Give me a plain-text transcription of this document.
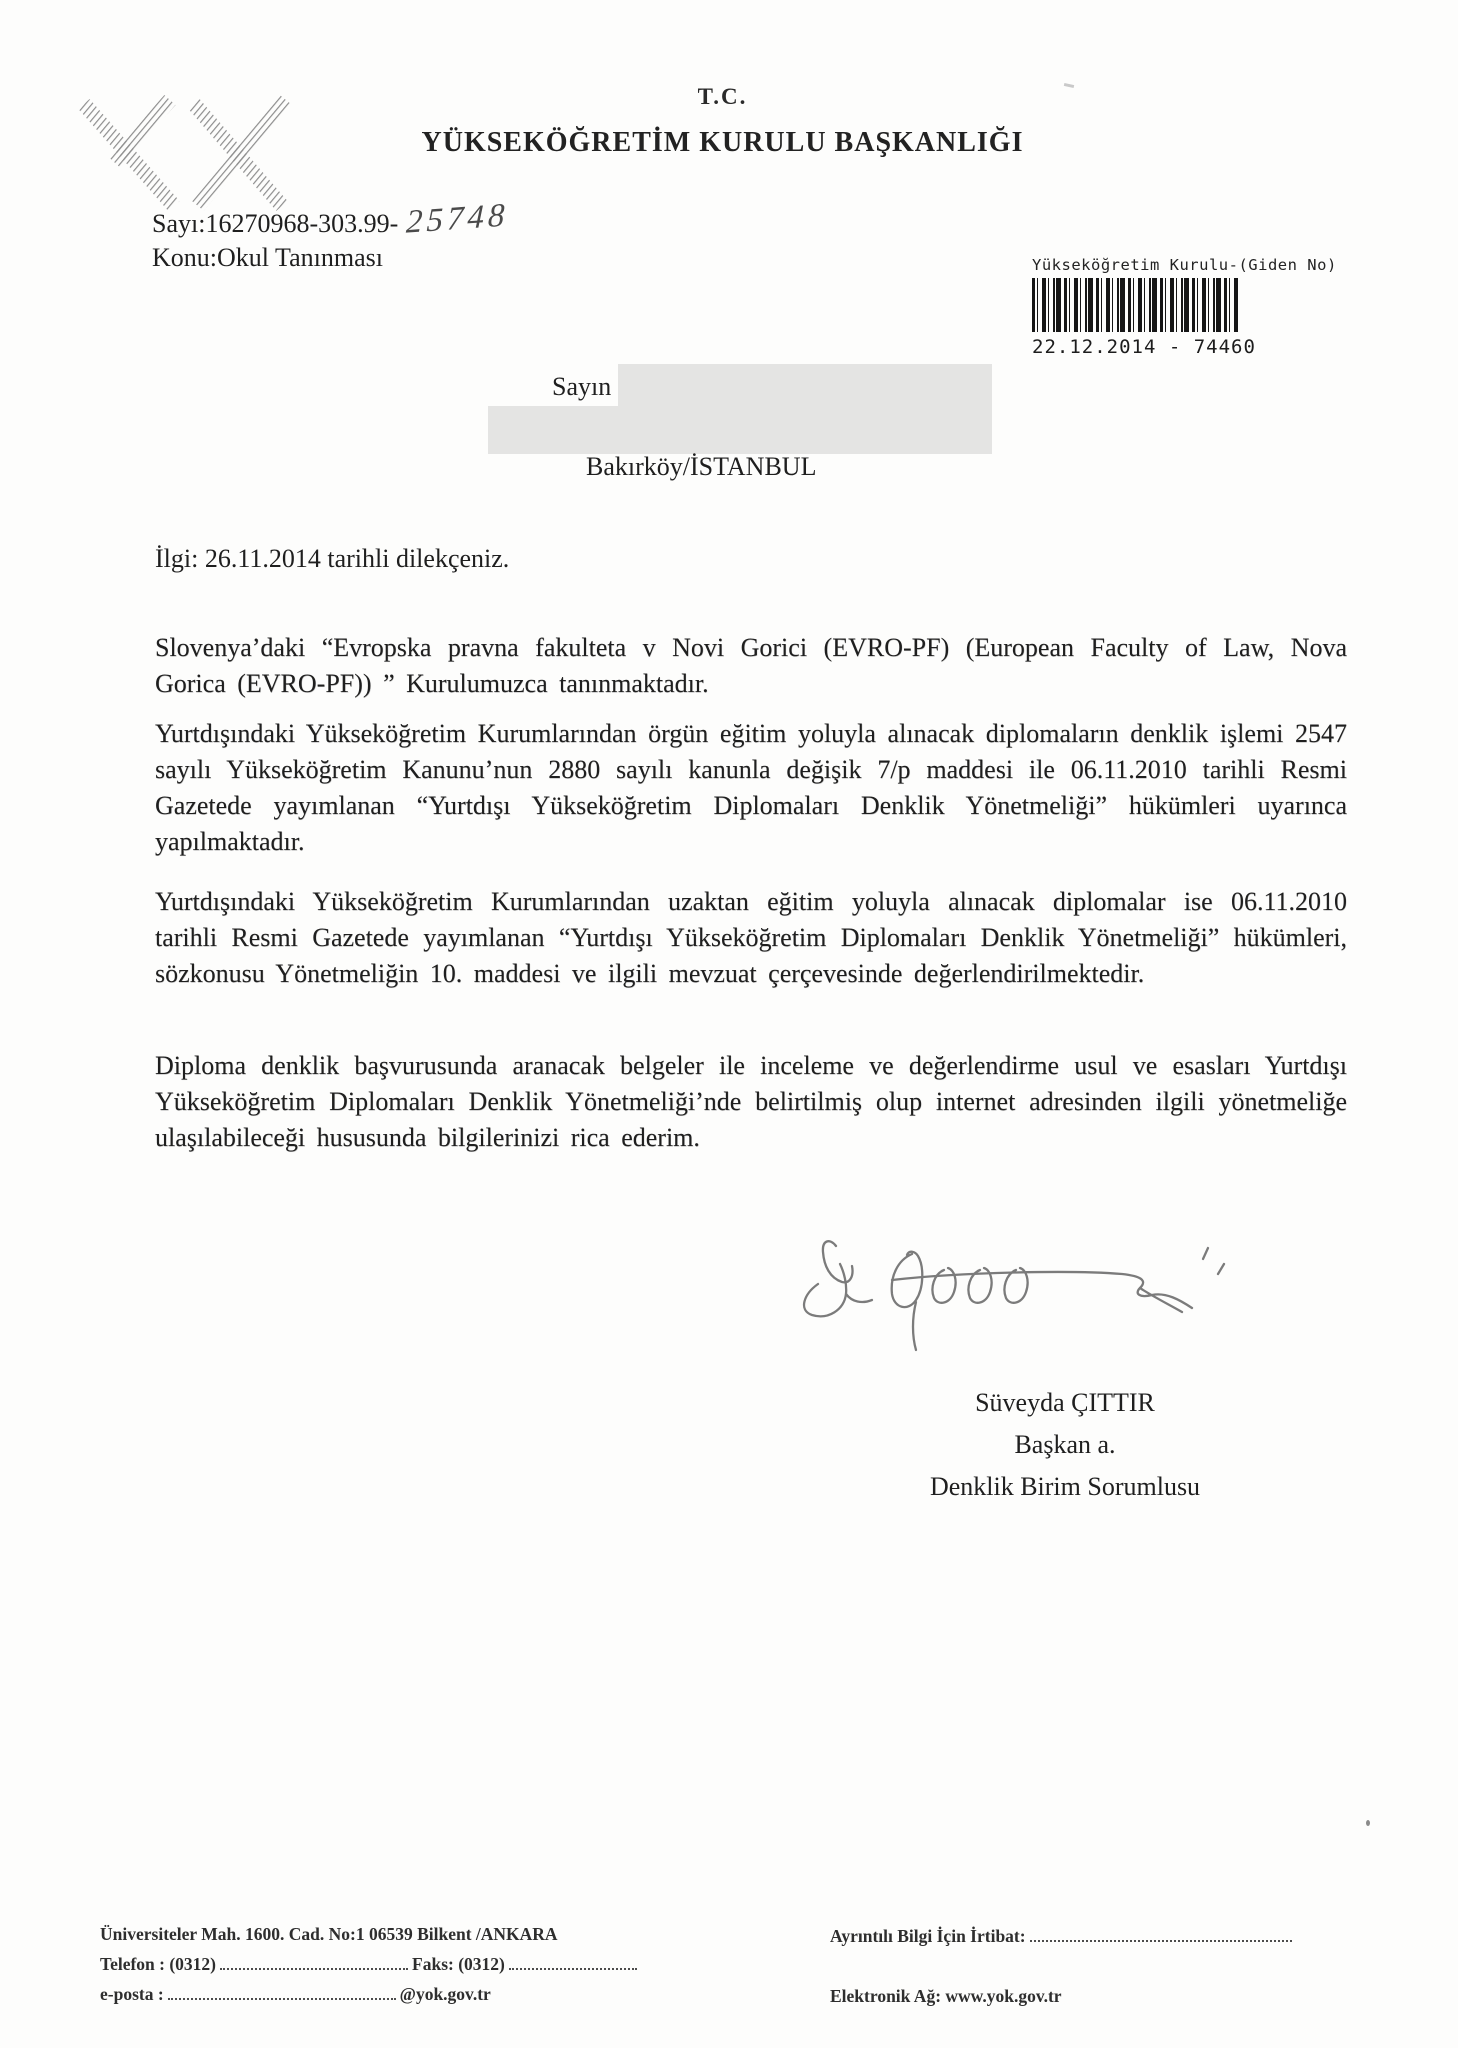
T.C.
YÜKSEKÖĞRETİM KURULU BAŞKANLIĞI
Sayı:16270968-303.99- 25748
Konu:Okul Tanınması	Yükseköğretim Kurulu-(Giden No)
22.12.2014 - 74460
Sayın
Bakırköy/İSTANBUL
İlgi: 26.11.2014 tarihli dilekçeniz.

Slovenya’daki “Evropska pravna fakulteta v Novi Gorici (EVRO-PF) (European Faculty of Law, Nova Gorica (EVRO-PF)) ” Kurulumuzca tanınmaktadır.

Yurtdışındaki Yükseköğretim Kurumlarından örgün eğitim yoluyla alınacak diplomaların denklik işlemi 2547 sayılı Yükseköğretim Kanunu’nun 2880 sayılı kanunla değişik 7/p maddesi ile 06.11.2010 tarihli Resmi Gazetede yayımlanan “Yurtdışı Yükseköğretim Diplomaları Denklik Yönetmeliği” hükümleri uyarınca yapılmaktadır.

Yurtdışındaki Yükseköğretim Kurumlarından uzaktan eğitim yoluyla alınacak diplomalar ise 06.11.2010 tarihli Resmi Gazetede yayımlanan “Yurtdışı Yükseköğretim Diplomaları Denklik Yönetmeliği” hükümleri, sözkonusu Yönetmeliğin 10. maddesi ve ilgili mevzuat çerçevesinde değerlendirilmektedir.

Diploma denklik başvurusunda aranacak belgeler ile inceleme ve değerlendirme usul ve esasları Yurtdışı Yükseköğretim Diplomaları Denklik Yönetmeliği’nde belirtilmiş olup internet adresinden ilgili yönetmeliğe ulaşılabileceği hususunda bilgilerinizi rica ederim.

Süveyda ÇITTIR
Başkan a.
Denklik Birim Sorumlusu
Üniversiteler Mah. 1600. Cad. No:1 06539 Bilkent /ANKARA
Telefon : (0312)	Faks: (0312)
e-posta :	@yok.gov.tr
Ayrıntılı Bilgi İçin İrtibat:
Elektronik Ağ: www.yok.gov.tr
